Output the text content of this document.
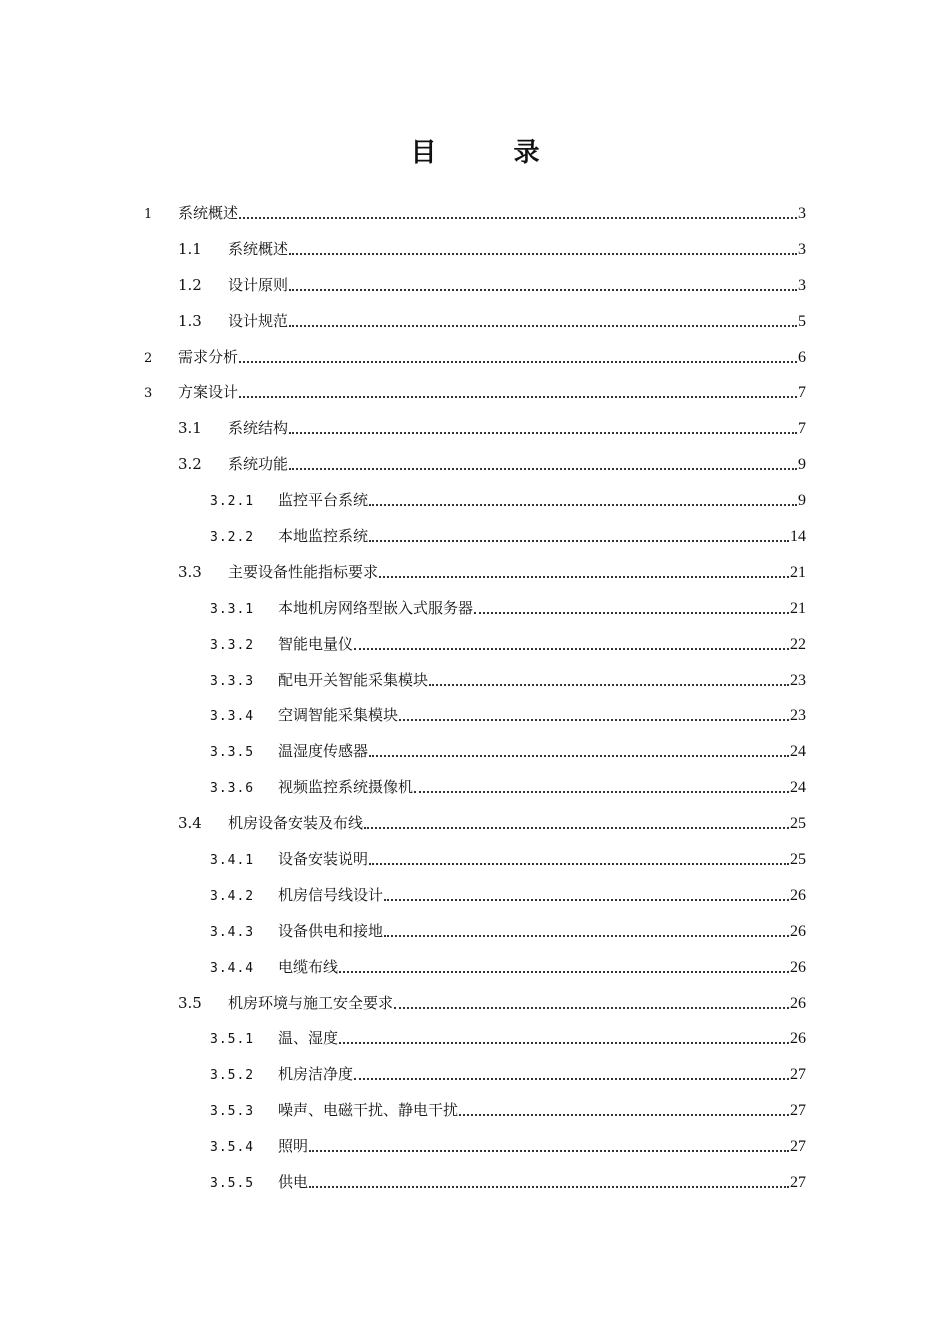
目 录
1	系统概述	3
1.1	系统概述	3
1.2	设计原则	3
1.3	设计规范	5
2	需求分析	6
3	方案设计	7
3.1	系统结构	7
3.2	系统功能	9
3.2.1	监控平台系统	9
3.2.2	本地监控系统	14
3.3	主要设备性能指标要求	21
3.3.1	本地机房网络型嵌入式服务器	21
3.3.2	智能电量仪	22
3.3.3	配电开关智能采集模块	23
3.3.4	空调智能采集模块	23
3.3.5	温湿度传感器	24
3.3.6	视频监控系统摄像机	24
3.4	机房设备安装及布线	25
3.4.1	设备安装说明	25
3.4.2	机房信号线设计	26
3.4.3	设备供电和接地	26
3.4.4	电缆布线	26
3.5	机房环境与施工安全要求	26
3.5.1	温、湿度	26
3.5.2	机房洁净度	27
3.5.3	噪声、电磁干扰、静电干扰	27
3.5.4	照明	27
3.5.5	供电	27
